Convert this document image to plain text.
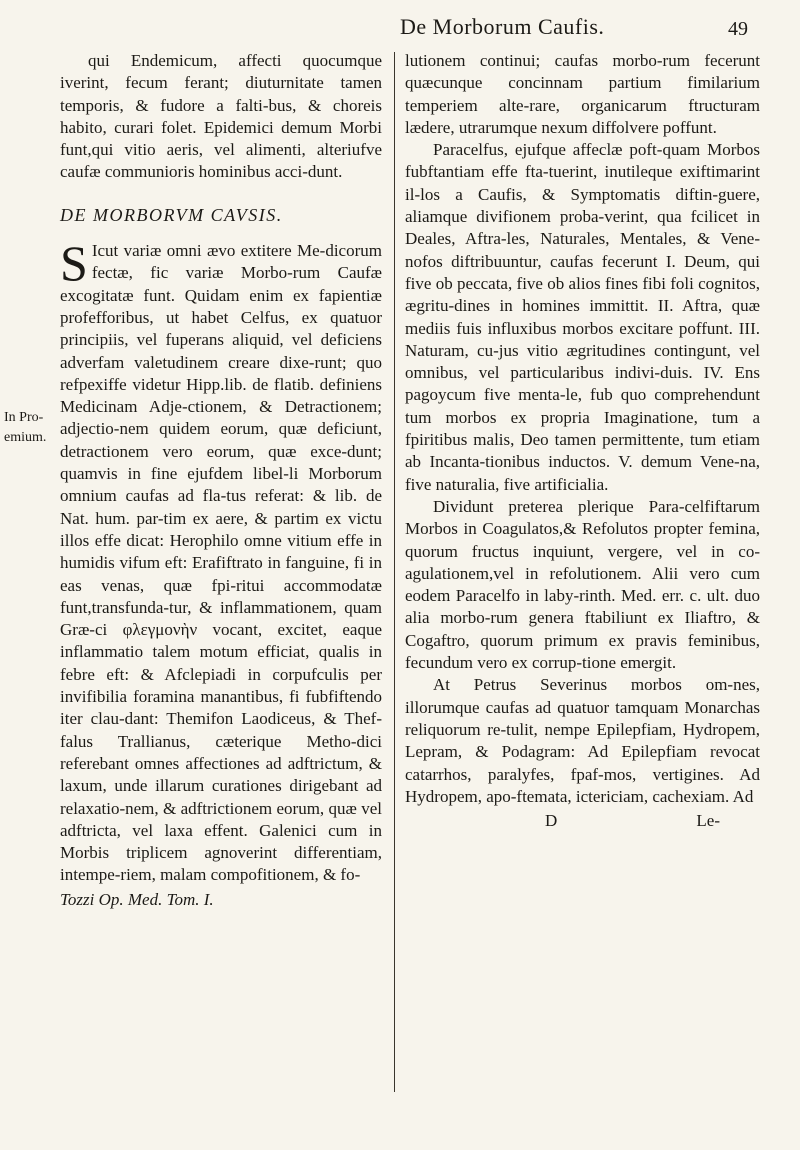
De Morborum Caufis.	49
In Pro-emium.

qui Endemicum, affecti quocumque iverint, fecum ferant; diuturnitate tamen temporis, & fudore a falti-bus, & choreis habito, curari folet. Epidemici demum Morbi funt,qui vitio aeris, vel alimenti, alteriufve caufæ communioris hominibus acci-dunt.

DE MORBORVM CAVSIS.

S Icut variæ omni ævo extitere Me-dicorum fectæ, fic variæ Morbo-rum Caufæ excogitatæ funt. Quidam enim ex fapientiæ profefforibus, ut habet Celfus, ex quatuor principiis, vel fuperans aliquid, vel deficiens adverfam valetudinem creare dixe-runt; quo refpexiffe videtur Hipp.lib. de flatib. definiens Medicinam Adje-ctionem, & Detractionem; adjectio-nem quidem eorum, quæ deficiunt, detractionem vero eorum, quæ exce-dunt; quamvis in fine ejufdem libel-li Morborum omnium caufas ad fla-tus referat: & lib. de Nat. hum. par-tim ex aere, & partim ex victu illos effe dicat: Herophilo omne vitium effe in humidis vifum eft: Erafiftrato in fanguine, fi in eas venas, quæ fpi-ritui accommodatæ funt,transfunda-tur, & inflammationem, quam Græ-ci φλεγμονὴν vocant, excitet, eaque inflammatio talem motum efficiat, qualis in febre eft: & Afclepiadi in corpufculis per invifibilia foramina manantibus, fi fubfiftendo iter clau-dant: Themifon Laodiceus, & Thef-falus Trallianus, cæterique Metho-dici referebant omnes affectiones ad adftrictum, & laxum, unde illarum curationes dirigebant ad relaxatio-nem, & adftrictionem eorum, quæ vel adftricta, vel laxa effent. Galenici cum in Morbis triplicem agnoverint differentiam, intempe-riem, malam compofitionem, & fo-

Tozzi Op. Med. Tom. I.

lutionem continui; caufas morbo-rum fecerunt quæcunque concinnam partium fimilarium temperiem alte-rare, organicarum ftructuram lædere, utrarumque nexum diffolvere poffunt.

Paracelfus, ejufque affeclæ poft-quam Morbos fubftantiam effe fta-tuerint, inutileque exiftimarint il-los a Caufis, & Symptomatis diftin-guere, aliamque divifionem proba-verint, qua fcilicet in Deales, Aftra-les, Naturales, Mentales, & Vene-nofos diftribuuntur, caufas fecerunt I. Deum, qui five ob peccata, five ob alios fines fibi foli cognitos, ægritu-dines in homines immittit. II. Aftra, quæ mediis fuis influxibus morbos excitare poffunt. III. Naturam, cu-jus vitio ægritudines contingunt, vel omnibus, vel particularibus indivi-duis. IV. Ens pagoycum five menta-le, fub quo comprehendunt tum morbos ex propria Imaginatione, tum a fpiritibus malis, Deo tamen permittente, tum etiam ab Incanta-tionibus inductos. V. demum Vene-na, five naturalia, five artificialia.

Dividunt preterea plerique Para-celfiftarum Morbos in Coagulatos,& Refolutos propter femina, quorum fructus inquiunt, vergere, vel in co-agulationem,vel in refolutionem. Alii vero cum eodem Paracelfo in laby-rinth. Med. err. c. ult. duo alia morbo-rum genera ftabiliunt ex Iliaftro, & Cogaftro, quorum primum ex pravis feminibus, fecundum vero ex corrup-tione emergit.

At Petrus Severinus morbos om-nes, illorumque caufas ad quatuor tamquam Monarchas reliquorum re-tulit, nempe Epilepfiam, Hydropem, Lepram, & Podagram: Ad Epilepfiam revocat catarrhos, paralyfes, fpaf-mos, vertigines. Ad Hydropem, apo-ftemata, ictericiam, cachexiam. Ad

D	Le-
